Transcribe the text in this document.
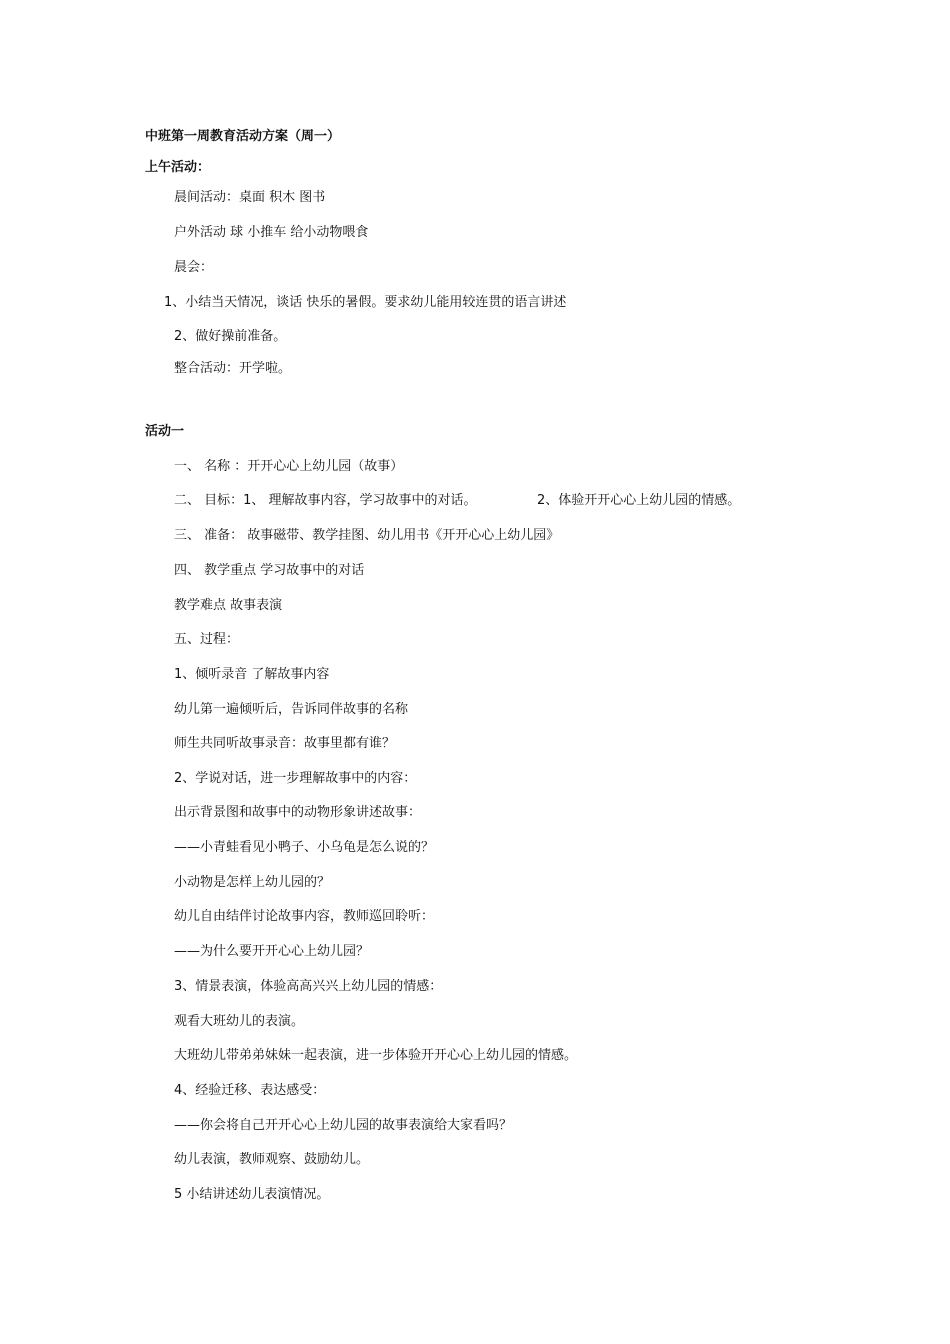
中班第一周教育活动方案（周一）
上午活动：
晨间活动：桌面 积木 图书
户外活动 球 小推车 给小动物喂食
晨会：
1、小结当天情况，谈话 快乐的暑假。要求幼儿能用较连贯的语言讲述
2、做好操前准备。
整合活动：开学啦。
活动一
一、 名称 ：开开心心上幼儿园（故事）
二、 目标：1、 理解故事内容，学习故事中的对话。	2、体验开开心心上幼儿园的情感。
三、 准备： 故事磁带、教学挂图、幼儿用书《开开心心上幼儿园》
四、 教学重点 学习故事中的对话
教学难点 故事表演
五、过程：
1、倾听录音 了解故事内容
幼儿第一遍倾听后，告诉同伴故事的名称
师生共同听故事录音：故事里都有谁？
2、学说对话，进一步理解故事中的内容：
出示背景图和故事中的动物形象讲述故事：
——小青蛙看见小鸭子、小乌龟是怎么说的？
小动物是怎样上幼儿园的？
幼儿自由结伴讨论故事内容，教师巡回聆听：
——为什么要开开心心上幼儿园？
3、情景表演，体验高高兴兴上幼儿园的情感：
观看大班幼儿的表演。
大班幼儿带弟弟妹妹一起表演，进一步体验开开心心上幼儿园的情感。
4、经验迁移、表达感受：
——你会将自己开开心心上幼儿园的故事表演给大家看吗？
幼儿表演，教师观察、鼓励幼儿。
5 小结讲述幼儿表演情况。
